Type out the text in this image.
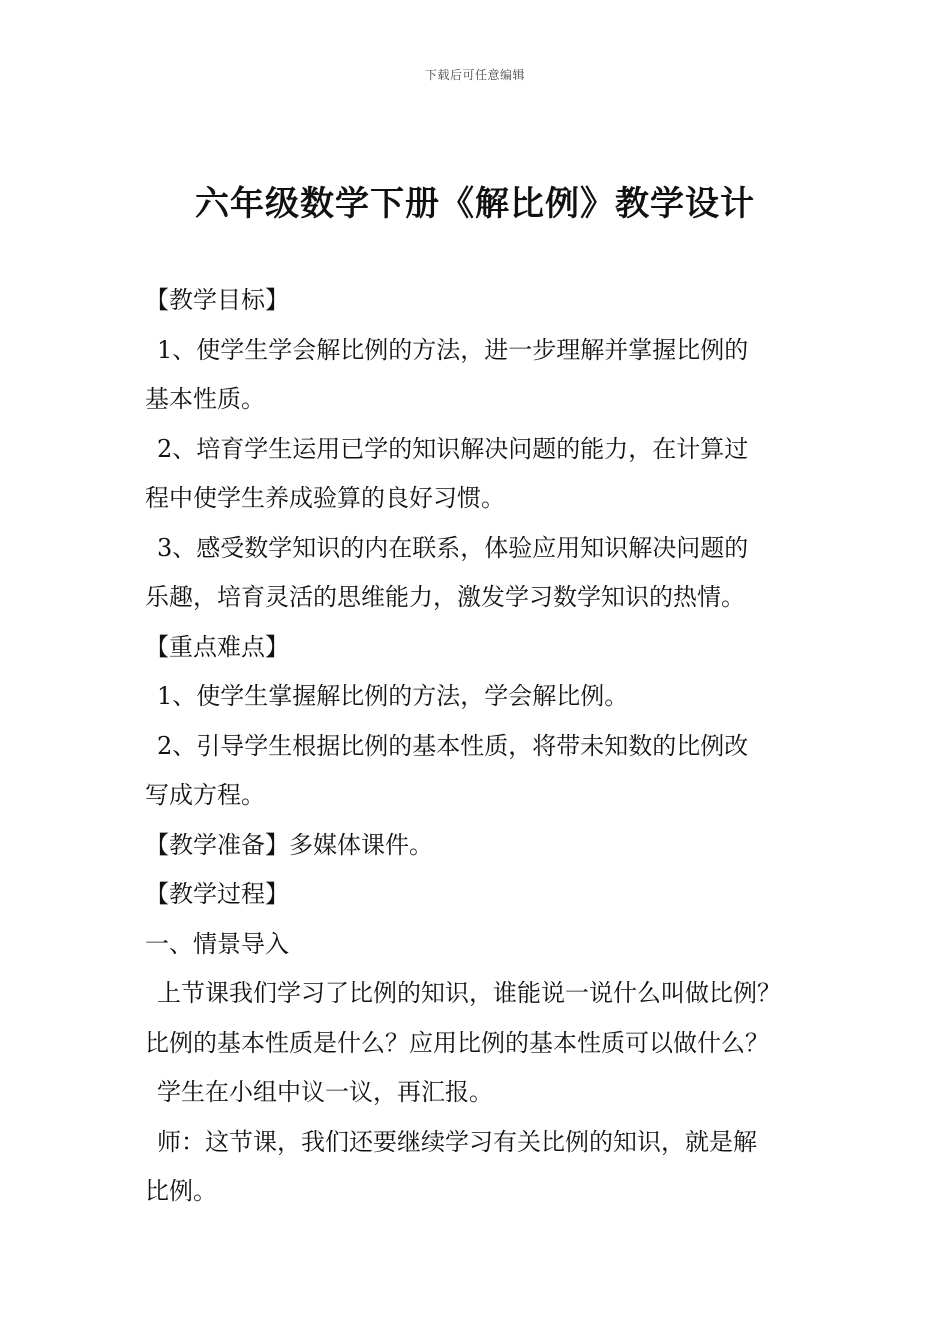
下载后可任意编辑
六年级数学下册《解比例》教学设计
【教学目标】
1、使学生学会解比例的方法，进一步理解并掌握比例的
基本性质。
2、培育学生运用已学的知识解决问题的能力，在计算过
程中使学生养成验算的良好习惯。
3、感受数学知识的内在联系，体验应用知识解决问题的
乐趣，培育灵活的思维能力，激发学习数学知识的热情。
【重点难点】
1、使学生掌握解比例的方法，学会解比例。
2、引导学生根据比例的基本性质，将带未知数的比例改
写成方程。
【教学准备】多媒体课件。
【教学过程】
一、情景导入
上节课我们学习了比例的知识，谁能说一说什么叫做比例？
比例的基本性质是什么？应用比例的基本性质可以做什么？
学生在小组中议一议，再汇报。
师：这节课，我们还要继续学习有关比例的知识，就是解
比例。
